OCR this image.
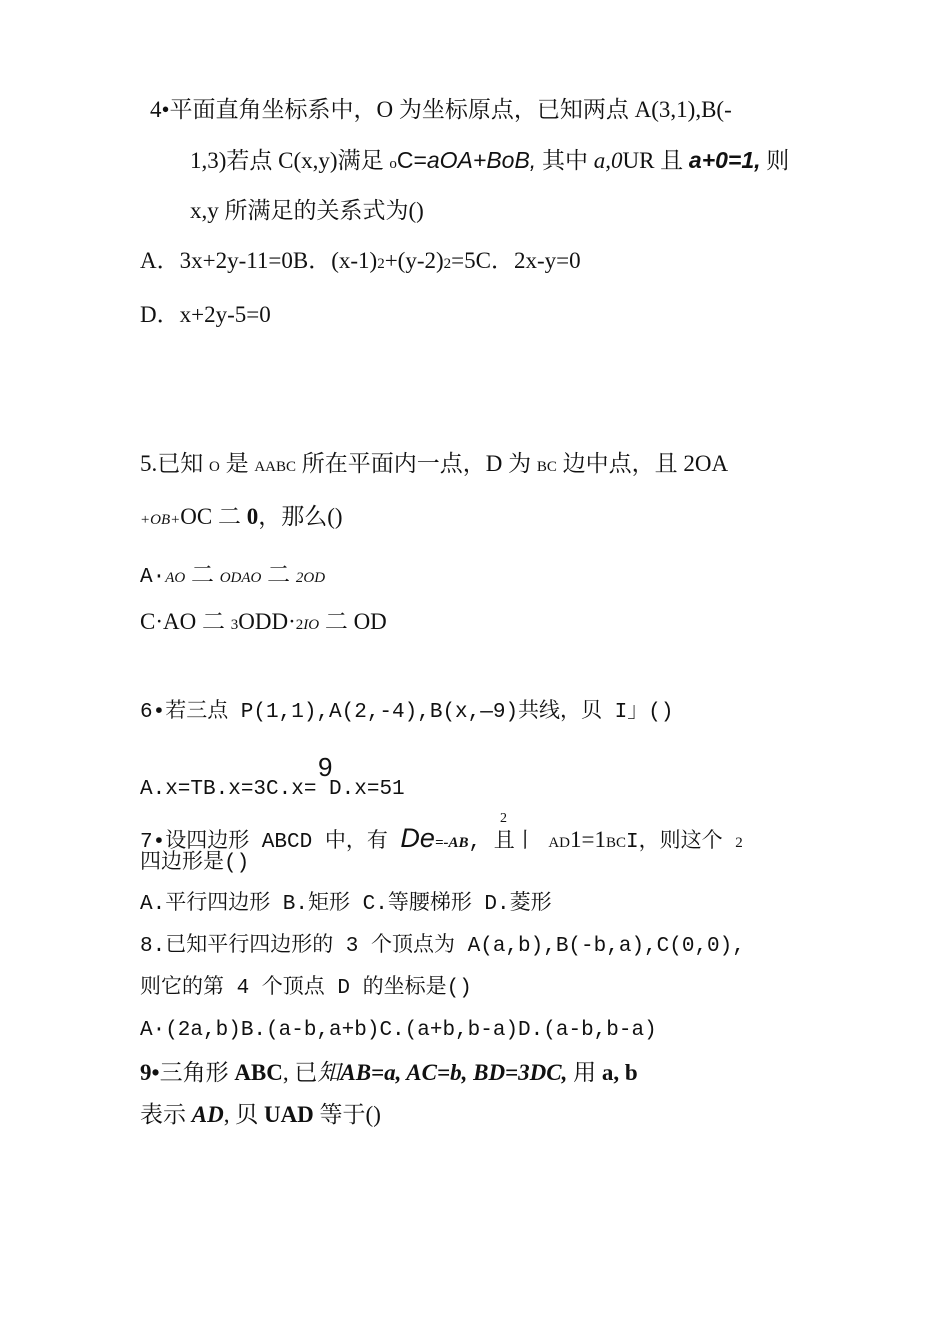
4•平面直角坐标系中，O 为坐标原点，已知两点 A(3,1),B(-
1,3)若点 C(x,y)满足 oC=aOA+BoB, 其中 a,0UR 且 a+0=1, 则
x,y 所满足的关系式为()
A．3x+2y-11=0B．(x-1)2+(y-2)2=5C．2x-y=0
D．x+2y-5=0
5.已知 O 是 AABC 所在平面内一点，D 为 BC 边中点，且 2OA
+OB+OC 二 0，那么()
A·AO 二 ODAO 二 2OD
C·AO 二 3ODD·2IO 二 OD
6•若三点 P(1,1),A(2,-4),B(x,—9)共线，贝 I」()
9
A.x=TB.x=3C.x= D.x=51
2
7•设四边形 ABCD 中，有 De=-AB, 且丨 AD1=1BCI，则这个 2
四边形是()
A.平行四边形 B.矩形 C.等腰梯形 D.菱形
8.已知平行四边形的 3 个顶点为 A(a,b),B(-b,a),C(0,0),
则它的第 4 个顶点 D 的坐标是()
A·(2a,b)B.(a-b,a+b)C.(a+b,b-a)D.(a-b,b-a)
9•三角形 ABC, 已知AB=a, AC=b, BD=3DC, 用 a, b
表示 AD, 贝 UAD 等于()
